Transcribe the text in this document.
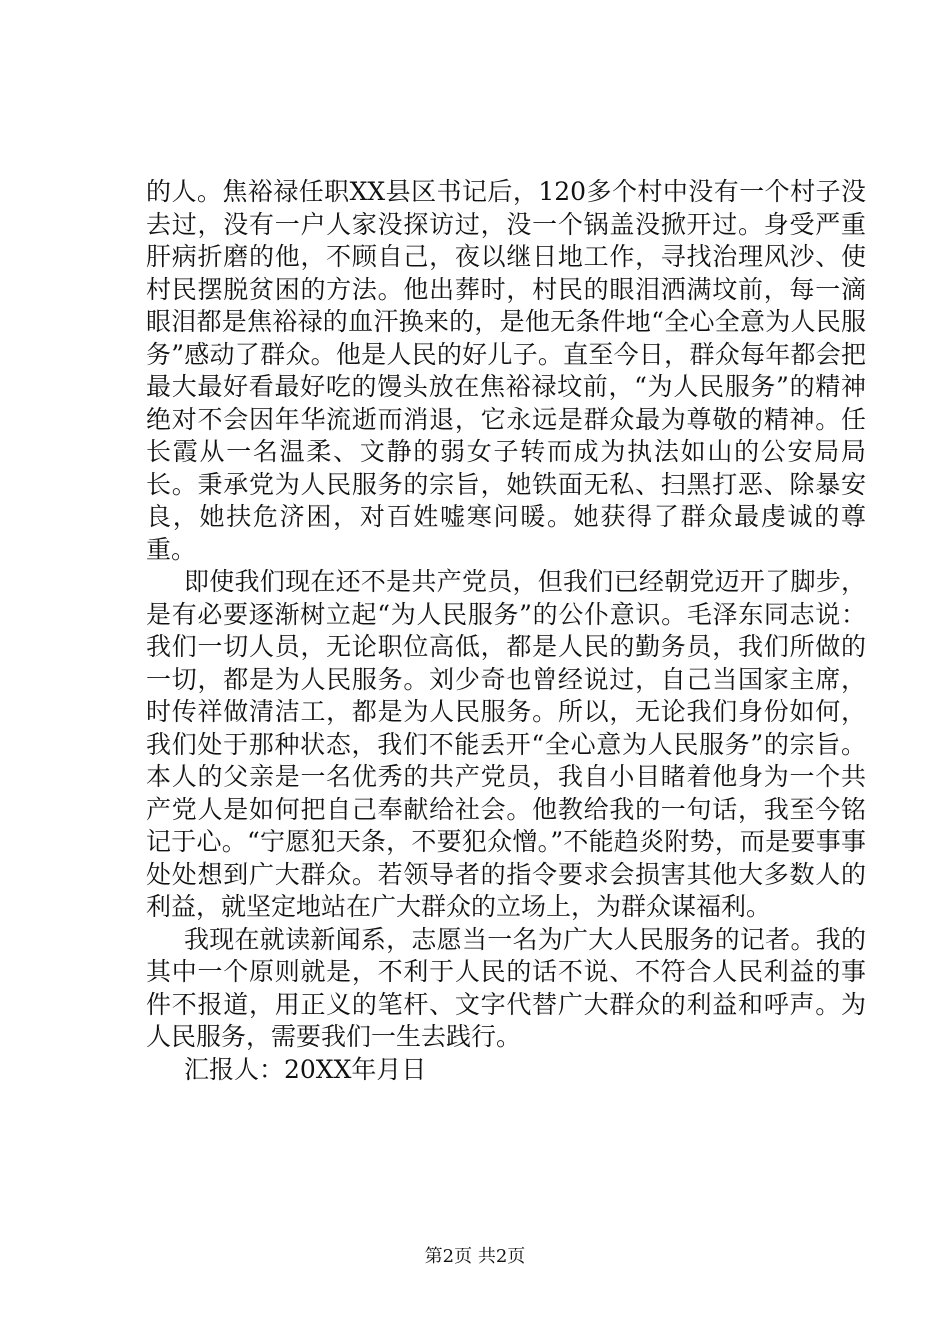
的人。焦裕禄任职XX县区书记后，120多个村中没有一个村子没去过，没有一户人家没探访过，没一个锅盖没掀开过。身受严重肝病折磨的他，不顾自己，夜以继日地工作，寻找治理风沙、使村民摆脱贫困的方法。他出葬时，村民的眼泪洒满坟前，每一滴眼泪都是焦裕禄的血汗换来的，是他无条件地“全心全意为人民服务”感动了群众。他是人民的好儿子。直至今日，群众每年都会把最大最好看最好吃的馒头放在焦裕禄坟前，“为人民服务”的精神绝对不会因年华流逝而消退，它永远是群众最为尊敬的精神。任长霞从一名温柔、文静的弱女子转而成为执法如山的公安局局长。秉承党为人民服务的宗旨，她铁面无私、扫黑打恶、除暴安良，她扶危济困，对百姓嘘寒问暖。她获得了群众最虔诚的尊重。

即使我们现在还不是共产党员，但我们已经朝党迈开了脚步，是有必要逐渐树立起“为人民服务”的公仆意识。毛泽东同志说：我们一切人员，无论职位高低，都是人民的勤务员，我们所做的一切，都是为人民服务。刘少奇也曾经说过，自己当国家主席，时传祥做清洁工，都是为人民服务。所以，无论我们身份如何，我们处于那种状态，我们不能丢开“全心意为人民服务”的宗旨。本人的父亲是一名优秀的共产党员，我自小目睹着他身为一个共产党人是如何把自己奉献给社会。他教给我的一句话，我至今铭记于心。“宁愿犯天条，不要犯众憎。”不能趋炎附势，而是要事事处处想到广大群众。若领导者的指令要求会损害其他大多数人的利益，就坚定地站在广大群众的立场上，为群众谋福利。

我现在就读新闻系，志愿当一名为广大人民服务的记者。我的其中一个原则就是，不利于人民的话不说、不符合人民利益的事件不报道，用正义的笔杆、文字代替广大群众的利益和呼声。为人民服务，需要我们一生去践行。

汇报人：20XX年月日

第2页 共2页
